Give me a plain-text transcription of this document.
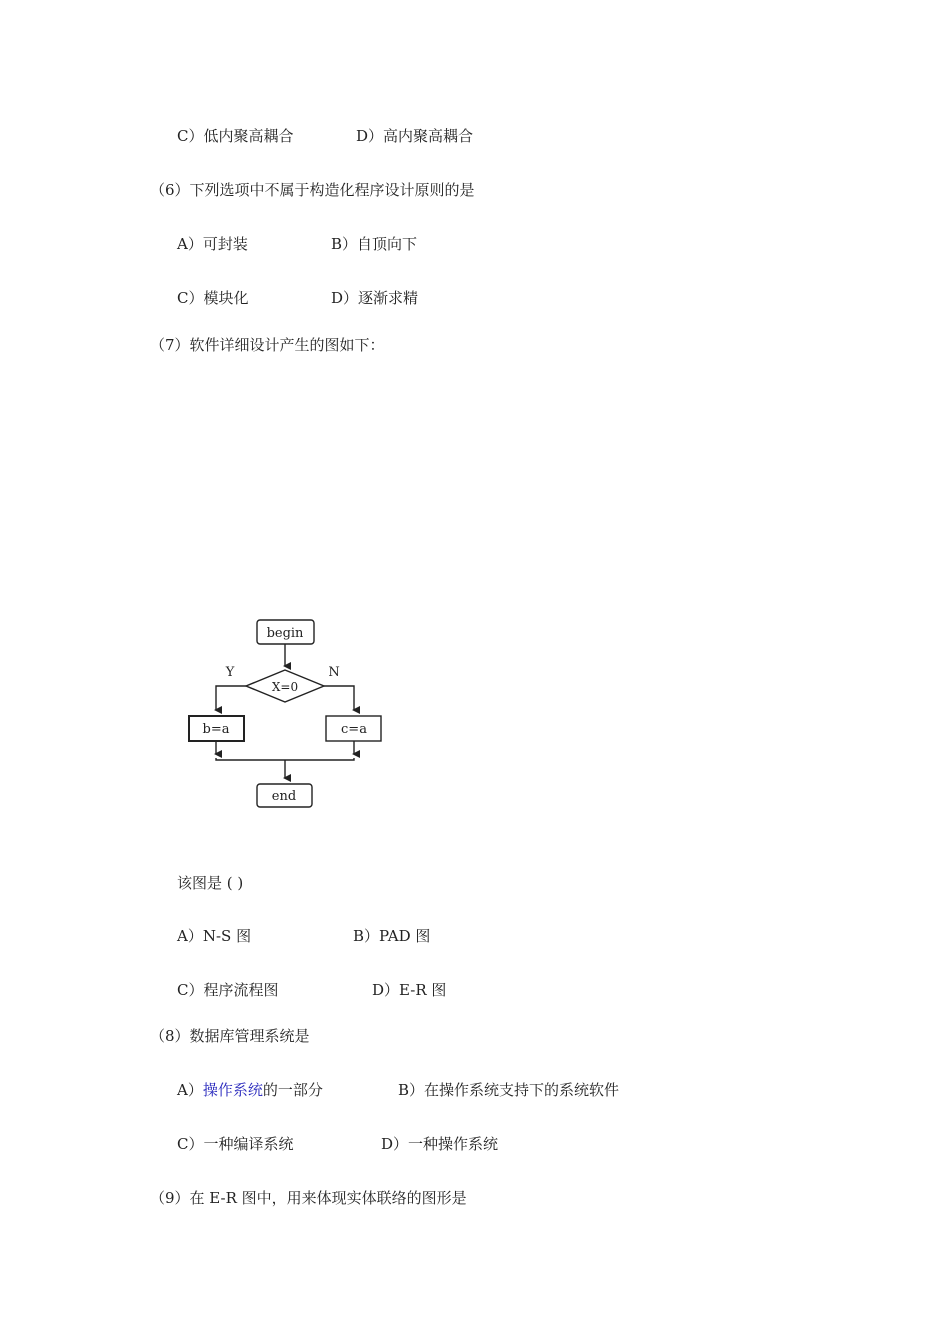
C）低内聚高耦合	D）高内聚高耦合
（6）下列选项中不属于构造化程序设计原则的是
A）可封装	B）自顶向下
C）模块化	D）逐渐求精
（7）软件详细设计产生的图如下：
begin
X=0
Y	N
b=a	c=a
end
该图是 ( )
A）N-S 图	B）PAD 图
C）程序流程图	D）E-R 图
（8）数据库管理系统是
A）操作系统的一部分	B）在操作系统支持下的系统软件
C）一种编译系统	D）一种操作系统
（9）在 E-R 图中，用来体现实体联络的图形是
